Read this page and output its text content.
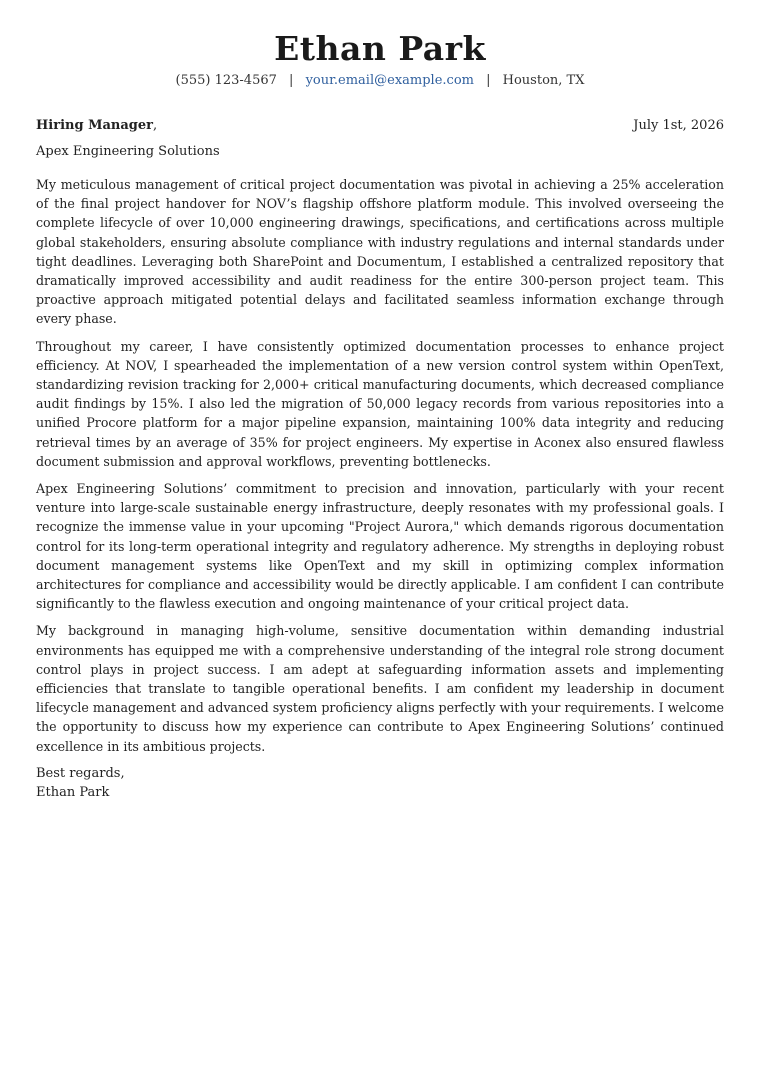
Ethan Park
(555) 123-4567 | your.email@example.com | Houston, TX
Hiring Manager,	July 1st, 2026
Apex Engineering Solutions

My meticulous management of critical project documentation was pivotal in achieving a 25% acceleration of the final project handover for NOV’s flagship offshore platform module. This involved overseeing the complete lifecycle of over 10,000 engineering drawings, specifications, and certifications across multiple global stakeholders, ensuring absolute compliance with industry regulations and internal standards under tight deadlines. Leveraging both SharePoint and Documentum, I established a centralized repository that dramatically improved accessibility and audit readiness for the entire 300-person project team. This proactive approach mitigated potential delays and facilitated seamless information exchange through every phase.

Throughout my career, I have consistently optimized documentation processes to enhance project efficiency. At NOV, I spearheaded the implementation of a new version control system within OpenText, standardizing revision tracking for 2,000+ critical manufacturing documents, which decreased compliance audit findings by 15%. I also led the migration of 50,000 legacy records from various repositories into a unified Procore platform for a major pipeline expansion, maintaining 100% data integrity and reducing retrieval times by an average of 35% for project engineers. My expertise in Aconex also ensured flawless document submission and approval workflows, preventing bottlenecks.

Apex Engineering Solutions’ commitment to precision and innovation, particularly with your recent venture into large-scale sustainable energy infrastructure, deeply resonates with my professional goals. I recognize the immense value in your upcoming "Project Aurora," which demands rigorous documentation control for its long-term operational integrity and regulatory adherence. My strengths in deploying robust document management systems like OpenText and my skill in optimizing complex information architectures for compliance and accessibility would be directly applicable. I am confident I can contribute significantly to the flawless execution and ongoing maintenance of your critical project data.

My background in managing high-volume, sensitive documentation within demanding industrial environments has equipped me with a comprehensive understanding of the integral role strong document control plays in project success. I am adept at safeguarding information assets and implementing efficiencies that translate to tangible operational benefits. I am confident my leadership in document lifecycle management and advanced system proficiency aligns perfectly with your requirements. I welcome the opportunity to discuss how my experience can contribute to Apex Engineering Solutions’ continued excellence in its ambitious projects.

Best regards,
Ethan Park
